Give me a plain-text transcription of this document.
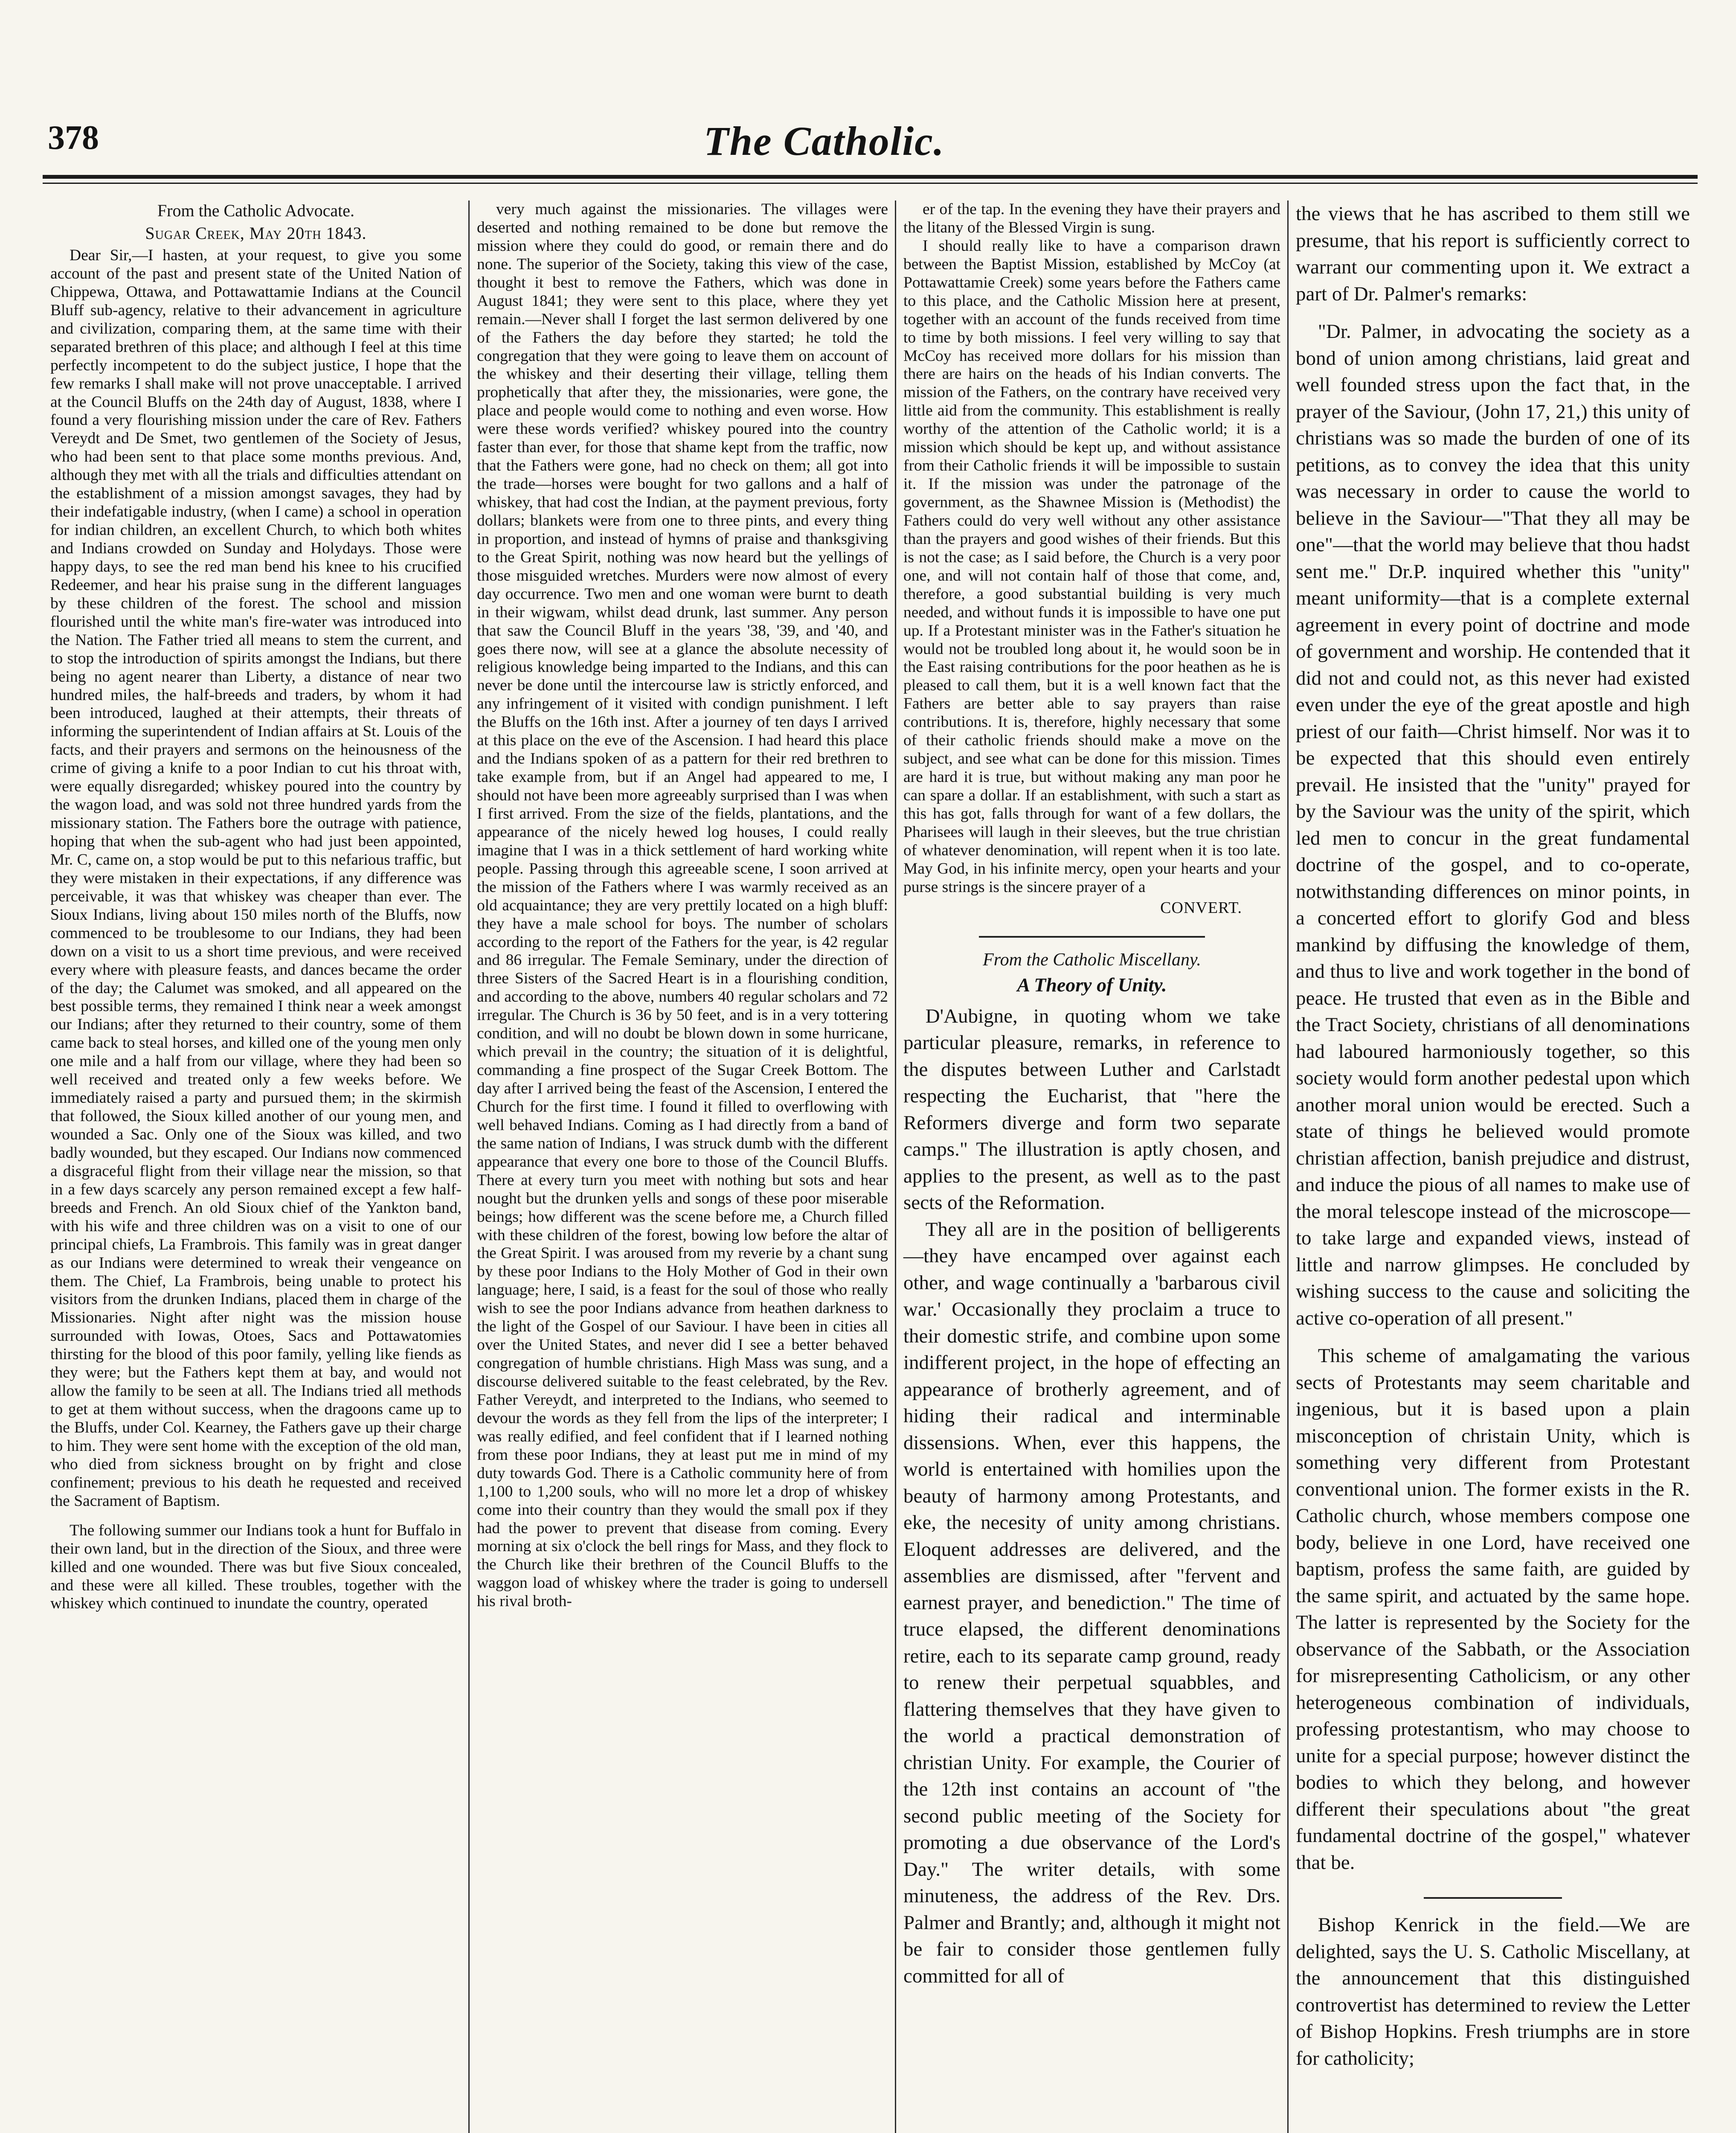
378	The Catholic.
From the Catholic Advocate.
Sugar Creek, May 20th 1843.

Dear Sir,—I hasten, at your request, to give you some account of the past and present state of the United Nation of Chippewa, Ottawa, and Pottawattamie Indians at the Council Bluff sub-agency, relative to their advancement in agriculture and civilization, comparing them, at the same time with their separated brethren of this place; and although I feel at this time perfectly incompetent to do the subject justice, I hope that the few remarks I shall make will not prove unacceptable. I arrived at the Council Bluffs on the 24th day of August, 1838, where I found a very flourishing mission under the care of Rev. Fathers Vereydt and De Smet, two gentlemen of the Society of Jesus, who had been sent to that place some months previous. And, although they met with all the trials and difficulties attendant on the establishment of a mission amongst savages, they had by their indefatigable industry, (when I came) a school in operation for indian children, an excellent Church, to which both whites and Indians crowded on Sunday and Holydays. Those were happy days, to see the red man bend his knee to his crucified Redeemer, and hear his praise sung in the different languages by these children of the forest. The school and mission flourished until the white man's fire-water was introduced into the Nation. The Father tried all means to stem the current, and to stop the introduction of spirits amongst the Indians, but there being no agent nearer than Liberty, a distance of near two hundred miles, the half-breeds and traders, by whom it had been introduced, laughed at their attempts, their threats of informing the superintendent of Indian affairs at St. Louis of the facts, and their prayers and sermons on the heinousness of the crime of giving a knife to a poor Indian to cut his throat with, were equally disregarded; whiskey poured into the country by the wagon load, and was sold not three hundred yards from the missionary station. The Fathers bore the outrage with patience, hoping that when the sub-agent who had just been appointed, Mr. C, came on, a stop would be put to this nefarious traffic, but they were mistaken in their expectations, if any difference was perceivable, it was that whiskey was cheaper than ever. The Sioux Indians, living about 150 miles north of the Bluffs, now commenced to be troublesome to our Indians, they had been down on a visit to us a short time previous, and were received every where with pleasure feasts, and dances became the order of the day; the Calumet was smoked, and all appeared on the best possible terms, they remained I think near a week amongst our Indians; after they returned to their country, some of them came back to steal horses, and killed one of the young men only one mile and a half from our village, where they had been so well received and treated only a few weeks before. We immediately raised a party and pursued them; in the skirmish that followed, the Sioux killed another of our young men, and wounded a Sac. Only one of the Sioux was killed, and two badly wounded, but they escaped. Our Indians now commenced a disgraceful flight from their village near the mission, so that in a few days scarcely any person remained except a few half-breeds and French. An old Sioux chief of the Yankton band, with his wife and three children was on a visit to one of our principal chiefs, La Frambrois. This family was in great danger as our Indians were determined to wreak their vengeance on them. The Chief, La Frambrois, being unable to protect his visitors from the drunken Indians, placed them in charge of the Missionaries. Night after night was the mission house surrounded with Iowas, Otoes, Sacs and Pottawatomies thirsting for the blood of this poor family, yelling like fiends as they were; but the Fathers kept them at bay, and would not allow the family to be seen at all. The Indians tried all methods to get at them without success, when the dragoons came up to the Bluffs, under Col. Kearney, the Fathers gave up their charge to him. They were sent home with the exception of the old man, who died from sickness brought on by fright and close confinement; previous to his death he requested and received the Sacrament of Baptism.

The following summer our Indians took a hunt for Buffalo in their own land, but in the direction of the Sioux, and three were killed and one wounded. There was but five Sioux concealed, and these were all killed. These troubles, together with the whiskey which continued to inundate the country, operated

very much against the missionaries. The villages were deserted and nothing remained to be done but remove the mission where they could do good, or remain there and do none. The superior of the Society, taking this view of the case, thought it best to remove the Fathers, which was done in August 1841; they were sent to this place, where they yet remain.—Never shall I forget the last sermon delivered by one of the Fathers the day before they started; he told the congregation that they were going to leave them on account of the whiskey and their deserting their village, telling them prophetically that after they, the missionaries, were gone, the place and people would come to nothing and even worse. How were these words verified? whiskey poured into the country faster than ever, for those that shame kept from the traffic, now that the Fathers were gone, had no check on them; all got into the trade—horses were bought for two gallons and a half of whiskey, that had cost the Indian, at the payment previous, forty dollars; blankets were from one to three pints, and every thing in proportion, and instead of hymns of praise and thanksgiving to the Great Spirit, nothing was now heard but the yellings of those misguided wretches. Murders were now almost of every day occurrence. Two men and one woman were burnt to death in their wigwam, whilst dead drunk, last summer. Any person that saw the Council Bluff in the years '38, '39, and '40, and goes there now, will see at a glance the absolute necessity of religious knowledge being imparted to the Indians, and this can never be done until the intercourse law is strictly enforced, and any infringement of it visited with condign punishment. I left the Bluffs on the 16th inst. After a journey of ten days I arrived at this place on the eve of the Ascension. I had heard this place and the Indians spoken of as a pattern for their red brethren to take example from, but if an Angel had appeared to me, I should not have been more agreeably surprised than I was when I first arrived. From the size of the fields, plantations, and the appearance of the nicely hewed log houses, I could really imagine that I was in a thick settlement of hard working white people. Passing through this agreeable scene, I soon arrived at the mission of the Fathers where I was warmly received as an old acquaintance; they are very prettily located on a high bluff: they have a male school for boys. The number of scholars according to the report of the Fathers for the year, is 42 regular and 86 irregular. The Female Seminary, under the direction of three Sisters of the Sacred Heart is in a flourishing condition, and according to the above, numbers 40 regular scholars and 72 irregular. The Church is 36 by 50 feet, and is in a very tottering condition, and will no doubt be blown down in some hurricane, which prevail in the country; the situation of it is delightful, commanding a fine prospect of the Sugar Creek Bottom. The day after I arrived being the feast of the Ascension, I entered the Church for the first time. I found it filled to overflowing with well behaved Indians. Coming as I had directly from a band of the same nation of Indians, I was struck dumb with the different appearance that every one bore to those of the Council Bluffs. There at every turn you meet with nothing but sots and hear nought but the drunken yells and songs of these poor miserable beings; how different was the scene before me, a Church filled with these children of the forest, bowing low before the altar of the Great Spirit. I was aroused from my reverie by a chant sung by these poor Indians to the Holy Mother of God in their own language; here, I said, is a feast for the soul of those who really wish to see the poor Indians advance from heathen darkness to the light of the Gospel of our Saviour. I have been in cities all over the United States, and never did I see a better behaved congregation of humble christians. High Mass was sung, and a discourse delivered suitable to the feast celebrated, by the Rev. Father Vereydt, and interpreted to the Indians, who seemed to devour the words as they fell from the lips of the interpreter; I was really edified, and feel confident that if I learned nothing from these poor Indians, they at least put me in mind of my duty towards God. There is a Catholic community here of from 1,100 to 1,200 souls, who will no more let a drop of whiskey come into their country than they would the small pox if they had the power to prevent that disease from coming. Every morning at six o'clock the bell rings for Mass, and they flock to the Church like their brethren of the Council Bluffs to the waggon load of whiskey where the trader is going to undersell his rival broth-

er of the tap. In the evening they have their prayers and the litany of the Blessed Virgin is sung.

I should really like to have a comparison drawn between the Baptist Mission, established by McCoy (at Pottawattamie Creek) some years before the Fathers came to this place, and the Catholic Mission here at present, together with an account of the funds received from time to time by both missions. I feel very willing to say that McCoy has received more dollars for his mission than there are hairs on the heads of his Indian converts. The mission of the Fathers, on the contrary have received very little aid from the community. This establishment is really worthy of the attention of the Catholic world; it is a mission which should be kept up, and without assistance from their Catholic friends it will be impossible to sustain it. If the mission was under the patronage of the government, as the Shawnee Mission is (Methodist) the Fathers could do very well without any other assistance than the prayers and good wishes of their friends. But this is not the case; as I said before, the Church is a very poor one, and will not contain half of those that come, and, therefore, a good substantial building is very much needed, and without funds it is impossible to have one put up. If a Protestant minister was in the Father's situation he would not be troubled long about it, he would soon be in the East raising contributions for the poor heathen as he is pleased to call them, but it is a well known fact that the Fathers are better able to say prayers than raise contributions. It is, therefore, highly necessary that some of their catholic friends should make a move on the subject, and see what can be done for this mission. Times are hard it is true, but without making any man poor he can spare a dollar. If an establishment, with such a start as this has got, falls through for want of a few dollars, the Pharisees will laugh in their sleeves, but the true christian of whatever denomination, will repent when it is too late. May God, in his infinite mercy, open your hearts and your purse strings is the sincere prayer of a

CONVERT.
From the Catholic Miscellany.
A Theory of Unity.

D'Aubigne, in quoting whom we take particular pleasure, remarks, in reference to the disputes between Luther and Carlstadt respecting the Eucharist, that "here the Reformers diverge and form two separate camps." The illustration is aptly chosen, and applies to the present, as well as to the past sects of the Reformation.

They all are in the position of belligerents—they have encamped over against each other, and wage continually a 'barbarous civil war.' Occasionally they proclaim a truce to their domestic strife, and combine upon some indifferent project, in the hope of effecting an appearance of brotherly agreement, and of hiding their radical and interminable dissensions. When, ever this happens, the world is entertained with homilies upon the beauty of harmony among Protestants, and eke, the necesity of unity among christians. Eloquent addresses are delivered, and the assemblies are dismissed, after "fervent and earnest prayer, and benediction." The time of truce elapsed, the different denominations retire, each to its separate camp ground, ready to renew their perpetual squabbles, and flattering themselves that they have given to the world a practical demonstration of christian Unity. For example, the Courier of the 12th inst contains an account of "the second public meeting of the Society for promoting a due observance of the Lord's Day." The writer details, with some minuteness, the address of the Rev. Drs. Palmer and Brantly; and, although it might not be fair to consider those gentlemen fully committed for all of

the views that he has ascribed to them still we presume, that his report is sufficiently correct to warrant our commenting upon it. We extract a part of Dr. Palmer's remarks:

"Dr. Palmer, in advocating the society as a bond of union among christians, laid great and well founded stress upon the fact that, in the prayer of the Saviour, (John 17, 21,) this unity of christians was so made the burden of one of its petitions, as to convey the idea that this unity was necessary in order to cause the world to believe in the Saviour—"That they all may be one"—that the world may believe that thou hadst sent me." Dr.P. inquired whether this "unity" meant uniformity—that is a complete external agreement in every point of doctrine and mode of government and worship. He contended that it did not and could not, as this never had existed even under the eye of the great apostle and high priest of our faith—Christ himself. Nor was it to be expected that this should even entirely prevail. He insisted that the "unity" prayed for by the Saviour was the unity of the spirit, which led men to concur in the great fundamental doctrine of the gospel, and to co-operate, notwithstanding differences on minor points, in a concerted effort to glorify God and bless mankind by diffusing the knowledge of them, and thus to live and work together in the bond of peace. He trusted that even as in the Bible and the Tract Society, christians of all denominations had laboured harmoniously together, so this society would form another pedestal upon which another moral union would be erected. Such a state of things he believed would promote christian affection, banish prejudice and distrust, and induce the pious of all names to make use of the moral telescope instead of the microscope—to take large and expanded views, instead of little and narrow glimpses. He concluded by wishing success to the cause and soliciting the active co-operation of all present."

This scheme of amalgamating the various sects of Protestants may seem charitable and ingenious, but it is based upon a plain misconception of christain Unity, which is something very different from Protestant conventional union. The former exists in the R. Catholic church, whose members compose one body, believe in one Lord, have received one baptism, profess the same faith, are guided by the same spirit, and actuated by the same hope. The latter is represented by the Society for the observance of the Sabbath, or the Association for misrepresenting Catholicism, or any other heterogeneous combination of individuals, professing protestantism, who may choose to unite for a special purpose; however distinct the bodies to which they belong, and however different their speculations about "the great fundamental doctrine of the gospel," whatever that be.

Bishop Kenrick in the field.—We are delighted, says the U. S. Catholic Miscellany, at the announcement that this distinguished controvertist has determined to review the Letter of Bishop Hopkins. Fresh triumphs are in store for catholicity;
